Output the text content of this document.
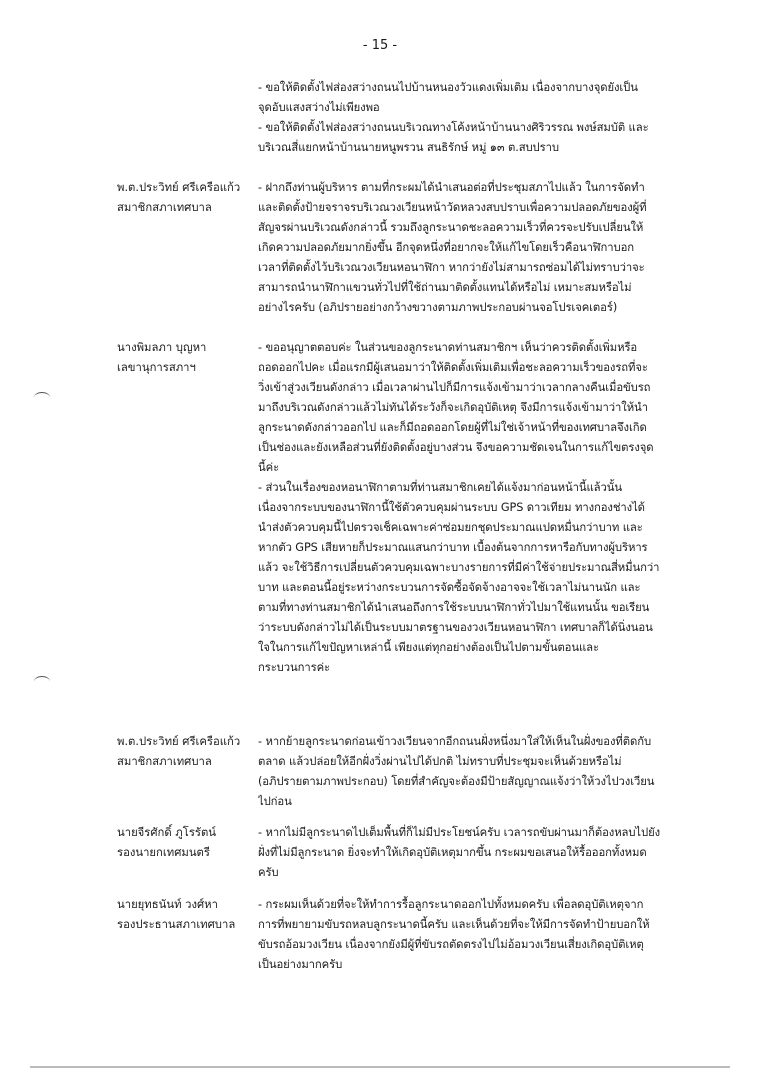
- 15 -
- ขอให้ติดตั้งไฟส่องสว่างถนนไปบ้านหนองวัวแดงเพิ่มเติม เนื่องจากบางจุดยังเป็น
จุดอับแสงสว่างไม่เพียงพอ
- ขอให้ติดตั้งไฟส่องสว่างถนนบริเวณทางโค้งหน้าบ้านนางศิริวรรณ พงษ์สมบัติ และ
บริเวณสี่แยกหน้าบ้านนายหนูพรวน สนธิรักษ์ หมู่ ๑๓ ต.สบปราบ
พ.ต.ประวิทย์ ศรีเครือแก้ว
สมาชิกสภาเทศบาล
- ฝากถึงท่านผู้บริหาร ตามที่กระผมได้นำเสนอต่อที่ประชุมสภาไปแล้ว ในการจัดทำ
และติดตั้งป้ายจราจรบริเวณวงเวียนหน้าวัดหลวงสบปราบเพื่อความปลอดภัยของผู้ที่
สัญจรผ่านบริเวณดังกล่าวนี้ รวมถึงลูกระนาดชะลอความเร็วที่ควรจะปรับเปลี่ยนให้
เกิดความปลอดภัยมากยิ่งขึ้น อีกจุดหนึ่งที่อยากจะให้แก้ไขโดยเร็วคือนาฬิกาบอก
เวลาที่ติดตั้งไว้บริเวณวงเวียนหอนาฬิกา หากว่ายังไม่สามารถซ่อมได้ไม่ทราบว่าจะ
สามารถนำนาฬิกาแขวนทั่วไปที่ใช้ถ่านมาติดตั้งแทนได้หรือไม่ เหมาะสมหรือไม่
อย่างไรครับ (อภิปรายอย่างกว้างขวางตามภาพประกอบผ่านจอโปรเจคเตอร์)
นางพิมลภา บุญหา
เลขานุการสภาฯ
- ขออนุญาตตอบค่ะ ในส่วนของลูกระนาดท่านสมาชิกฯ เห็นว่าควรติดตั้งเพิ่มหรือ
ถอดออกไปคะ เมื่อแรกมีผู้เสนอมาว่าให้ติดตั้งเพิ่มเติมเพื่อชะลอความเร็วของรถที่จะ
วิ่งเข้าสู่วงเวียนดังกล่าว เมื่อเวลาผ่านไปก็มีการแจ้งเข้ามาว่าเวลากลางคืนเมื่อขับรถ
มาถึงบริเวณดังกล่าวแล้วไม่ทันได้ระวังก็จะเกิดอุบัติเหตุ จึงมีการแจ้งเข้ามาว่าให้นำ
ลูกระนาดดังกล่าวออกไป และก็มีถอดออกโดยผู้ที่ไม่ใช่เจ้าหน้าที่ของเทศบาลจึงเกิด
เป็นช่องและยังเหลือส่วนที่ยังติดตั้งอยู่บางส่วน จึงขอความชัดเจนในการแก้ไขตรงจุด
นี้ค่ะ
- ส่วนในเรื่องของหอนาฬิกาตามที่ท่านสมาชิกเคยได้แจ้งมาก่อนหน้านี้แล้วนั้น
เนื่องจากระบบของนาฬิกานี้ใช้ตัวควบคุมผ่านระบบ GPS ดาวเทียม ทางกองช่างได้
นำส่งตัวควบคุมนี้ไปตรวจเช็คเฉพาะค่าซ่อมยกชุดประมาณแปดหมื่นกว่าบาท และ
หากตัว GPS เสียหายก็ประมาณแสนกว่าบาท เบื้องต้นจากการหารือกับทางผู้บริหาร
แล้ว จะใช้วิธีการเปลี่ยนตัวควบคุมเฉพาะบางรายการที่มีค่าใช้จ่ายประมาณสี่หมื่นกว่า
บาท และตอนนี้อยู่ระหว่างกระบวนการจัดซื้อจัดจ้างอาจจะใช้เวลาไม่นานนัก และ
ตามที่ทางท่านสมาชิกได้นำเสนอถึงการใช้ระบบนาฬิกาทั่วไปมาใช้แทนนั้น ขอเรียน
ว่าระบบดังกล่าวไม่ได้เป็นระบบมาตรฐานของวงเวียนหอนาฬิกา เทศบาลก็ได้นิ่งนอน
ใจในการแก้ไขปัญหาเหล่านี้ เพียงแต่ทุกอย่างต้องเป็นไปตามขั้นตอนและ
กระบวนการค่ะ
พ.ต.ประวิทย์ ศรีเครือแก้ว
สมาชิกสภาเทศบาล
- หากย้ายลูกระนาดก่อนเข้าวงเวียนจากอีกถนนฝั่งหนึ่งมาใส่ให้เห็นในฝั่งของที่ติดกับ
ตลาด แล้วปล่อยให้อีกฝั่งวิ่งผ่านไปได้ปกติ ไม่ทราบที่ประชุมจะเห็นด้วยหรือไม่
(อภิปรายตามภาพประกอบ) โดยที่สำคัญจะต้องมีป้ายสัญญาณแจ้งว่าให้วงไปวงเวียน
ไปก่อน
นายจีรศักดิ์ ภูโรรัตน์
รองนายกเทศมนตรี
- หากไม่มีลูกระนาดไปเต็มพื้นที่ก็ไม่มีประโยชน์ครับ เวลารถขับผ่านมาก็ต้องหลบไปยัง
ฝั่งที่ไม่มีลูกระนาด ยิ่งจะทำให้เกิดอุบัติเหตุมากขึ้น กระผมขอเสนอให้รื้อออกทั้งหมด
ครับ
นายยุทธนันท์ วงศ์หา
รองประธานสภาเทศบาล
- กระผมเห็นด้วยที่จะให้ทำการรื้อลูกระนาดออกไปทั้งหมดครับ เพื่อลดอุบัติเหตุจาก
การที่พยายามขับรถหลบลูกระนาดนี้ครับ และเห็นด้วยที่จะให้มีการจัดทำป้ายบอกให้
ขับรถอ้อมวงเวียน เนื่องจากยังมีผู้ที่ขับรถตัดตรงไปไม่อ้อมวงเวียนเสี่ยงเกิดอุบัติเหตุ
เป็นอย่างมากครับ
